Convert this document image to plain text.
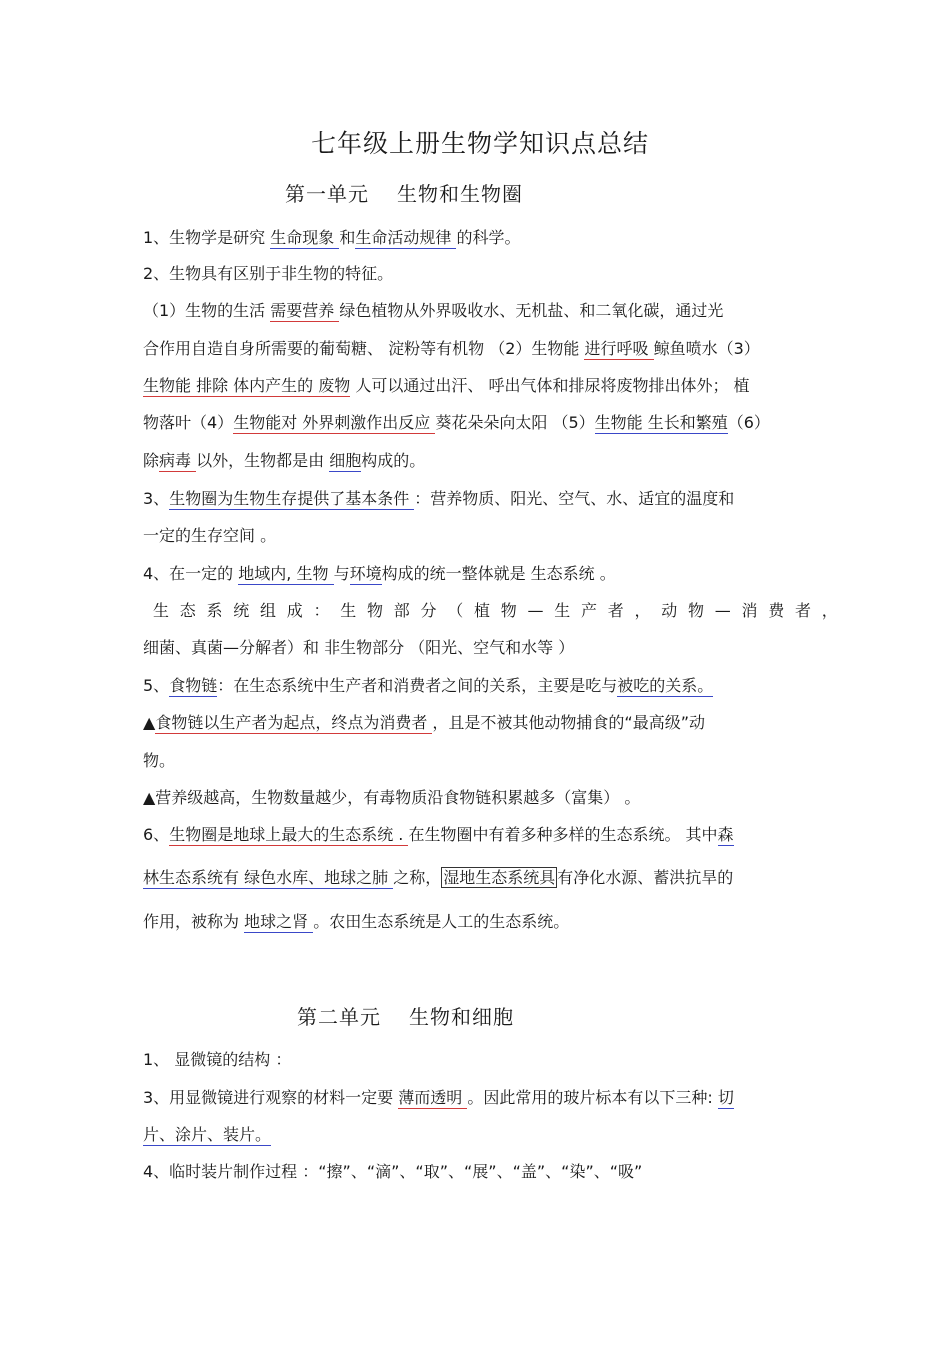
七年级上册生物学知识点总结
第一单元 生物和生物圈
1、生物学是研究 生命现象 和生命活动规律 的科学。
2、生物具有区别于非生物的特征。
（1）生物的生活 需要营养 绿色植物从外界吸收水、无机盐、和二氧化碳，通过光
合作用自造自身所需要的葡萄糖、 淀粉等有机物 （2）生物能 进行呼吸 鲸鱼喷水（3）
生物能 排除 体内产生的 废物 人可以通过出汗、 呼出气体和排尿将废物排出体外； 植
物落叶（4）生物能对 外界刺激作出反应 葵花朵朵向太阳 （5）生物能 生长和繁殖（6）
除病毒 以外，生物都是由 细胞构成的。
3、生物圈为生物生存提供了基本条件 ：营养物质、阳光、空气、水、适宜的温度和
一定的生存空间 。
4、在一定的 地域内, 生物 与环境构成的统一整体就是 生态系统 。
生 态 系 统 组 成 ： 生 物 部 分 （ 植 物 — 生 产 者 ， 动 物 — 消 费 者 ，
细菌、真菌—分解者）和 非生物部分 （阳光、空气和水等 ）
5、食物链：在生态系统中生产者和消费者之间的关系，主要是吃与被吃的关系。
▲食物链以生产者为起点，终点为消费者 ，且是不被其他动物捕食的“最高级”动
物。
▲营养级越高，生物数量越少，有毒物质沿食物链积累越多（富集） 。
6、生物圈是地球上最大的生态系统 . 在生物圈中有着多种多样的生态系统。 其中森
林生态系统有 绿色水库、地球之肺 之称， 湿地生态系统具 有净化水源、蓄洪抗旱的
作用，被称为 地球之肾 。农田生态系统是人工的生态系统。
第二单元 生物和细胞
1、 显微镜的结构 ：
3、用显微镜进行观察的材料一定要 薄而透明 。因此常用的玻片标本有以下三种: 切
片、涂片、装片。
4、临时装片制作过程 ：“擦”、“滴”、“取”、“展”、“盖”、“染”、“吸”
